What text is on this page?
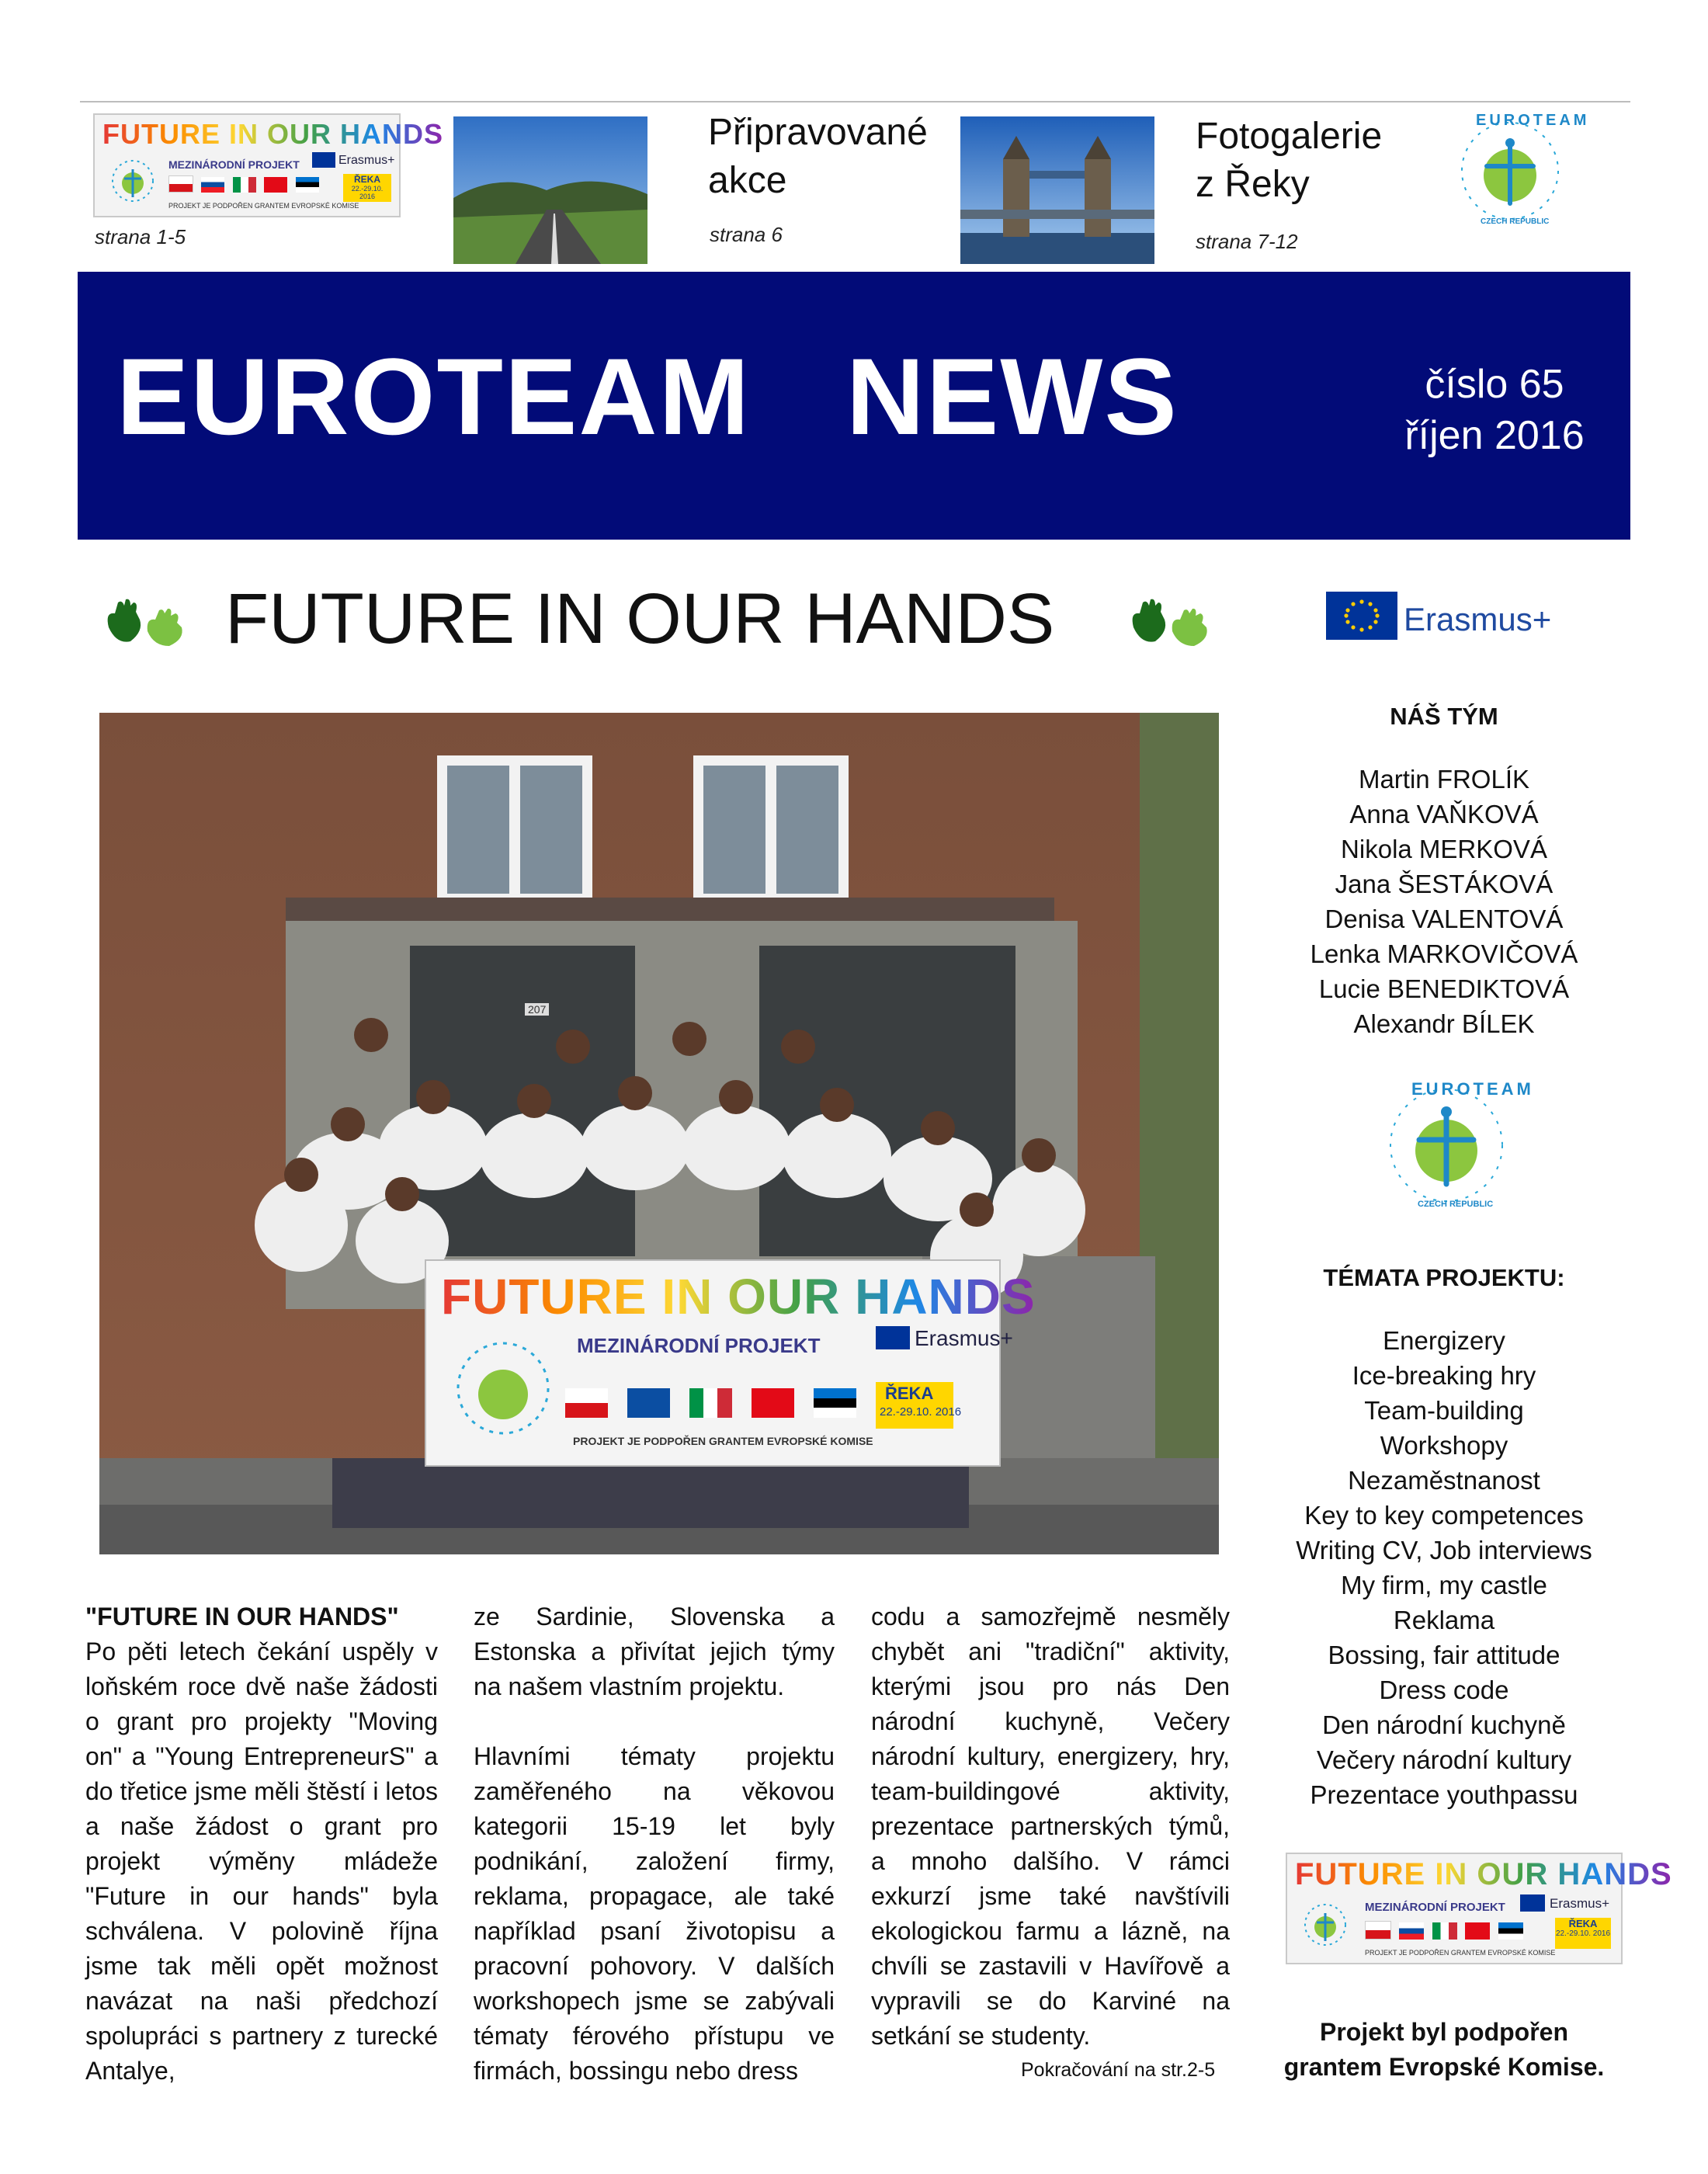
FUTURE IN OUR HANDS
MEZINÁRODNÍ PROJEKT	Erasmus+

ŘEKA
22.-29.10. 2016
PROJEKT JE PODPOŘEN GRANTEM EVROPSKÉ KOMISE
strana 1-5
Připravované
akce
strana 6
Fotogalerie
z Řeky
strana 7-12
EUROTEAM
CZECH REPUBLIC
EUROTEAM   NEWS	číslo 65
říjen 2016
FUTURE IN OUR HANDS	Erasmus+
FUTURE IN OUR HANDS
MEZINÁRODNÍ PROJEKT	Erasmus+
ŘEKA
22.-29.10. 2016
PROJEKT JE PODPOŘEN GRANTEM EVROPSKÉ KOMISE
207
"FUTURE IN OUR HANDS"
Po pěti letech čekání uspěly v loňském roce dvě naše žádosti o grant pro projekty "Moving on" a "Young EntrepreneurS" a do třetice jsme měli štěstí i letos a naše žádost o grant pro projekt výměny mládeže "Future in our hands" byla schválena. V polovině října jsme tak měli opět možnost navázat na naši předchozí spolupráci s partnery z turecké Antalye,

ze Sardinie, Slovenska a Estonska a přivítat jejich týmy na našem vlastním projektu.

Hlavními tématy projektu zaměřeného na věkovou kategorii 15-19 let byly podnikání, založení firmy, reklama, propagace, ale také například psaní životopisu a pracovní pohovory. V dalších workshopech jsme se zabývali tématy férového přístupu ve firmách, bossingu nebo dress

codu a samozřejmě nesměly chybět ani "tradiční" aktivity, kterými jsou pro nás Den národní kuchyně, Večery národní kultury, energizery, hry, team-buildingové aktivity, prezentace partnerských týmů, a mnoho dalšího. V rámci exkurzí jsme také navštívili ekologickou farmu a lázně, na chvíli se zastavili v Havířově a vypravili se do Karviné na setkání se studenty.
Pokračování na str.2-5
NÁŠ TÝM
Martin FROLÍK
Anna VAŇKOVÁ
Nikola MERKOVÁ
Jana ŠESTÁKOVÁ
Denisa VALENTOVÁ
Lenka MARKOVIČOVÁ
Lucie BENEDIKTOVÁ
Alexandr BÍLEK
EUROTEAM
CZECH REPUBLIC
TÉMATA PROJEKTU:
Energizery
Ice-breaking hry
Team-building
Workshopy
Nezaměstnanost
Key to key competences
Writing CV, Job interviews
My firm, my castle
Reklama
Bossing, fair attitude
Dress code
Den národní kuchyně
Večery národní kultury
Prezentace youthpassu
FUTURE IN OUR HANDS
MEZINÁRODNÍ PROJEKT	Erasmus+

ŘEKA
22.-29.10. 2016
PROJEKT JE PODPOŘEN GRANTEM EVROPSKÉ KOMISE
Projekt byl podpořen
grantem Evropské Komise.
